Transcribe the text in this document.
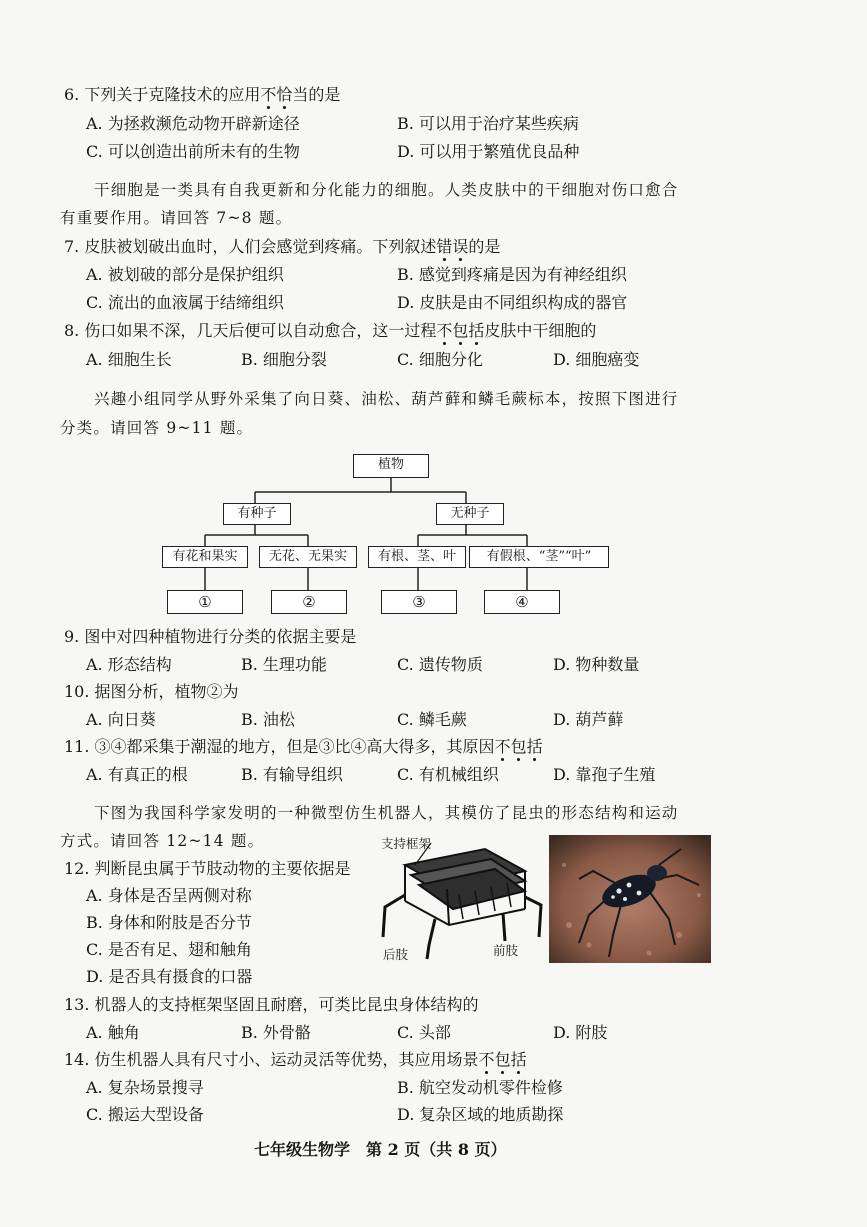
6. 下列关于克隆技术的应用不恰当的是
A. 为拯救濒危动物开辟新途径	B. 可以用于治疗某些疾病
C. 可以创造出前所未有的生物	D. 可以用于繁殖优良品种
干细胞是一类具有自我更新和分化能力的细胞。人类皮肤中的干细胞对伤口愈合
有重要作用。请回答 7~8 题。
7. 皮肤被划破出血时，人们会感觉到疼痛。下列叙述错误的是
A. 被划破的部分是保护组织	B. 感觉到疼痛是因为有神经组织
C. 流出的血液属于结缔组织	D. 皮肤是由不同组织构成的器官
8. 伤口如果不深，几天后便可以自动愈合，这一过程不包括皮肤中干细胞的
A. 细胞生长	B. 细胞分裂	C. 细胞分化	D. 细胞癌变
兴趣小组同学从野外采集了向日葵、油松、葫芦藓和鳞毛蕨标本，按照下图进行
分类。请回答 9~11 题。
植物
有种子	无种子
有花和果实	无花、无果实	有根、茎、叶	有假根、“茎”“叶”
①	②	③	④
9. 图中对四种植物进行分类的依据主要是
A. 形态结构	B. 生理功能	C. 遗传物质	D. 物种数量
10. 据图分析，植物②为
A. 向日葵	B. 油松	C. 鳞毛蕨	D. 葫芦藓
11. ③④都采集于潮湿的地方，但是③比④高大得多，其原因不包括
A. 有真正的根	B. 有输导组织	C. 有机械组织	D. 靠孢子生殖
下图为我国科学家发明的一种微型仿生机器人，其模仿了昆虫的形态结构和运动
方式。请回答 12~14 题。	支持框架
后肢	前肢
12. 判断昆虫属于节肢动物的主要依据是
A. 身体是否呈两侧对称
B. 身体和附肢是否分节
C. 是否有足、翅和触角
D. 是否具有摄食的口器
13. 机器人的支持框架坚固且耐磨，可类比昆虫身体结构的
A. 触角	B. 外骨骼	C. 头部	D. 附肢
14. 仿生机器人具有尺寸小、运动灵活等优势，其应用场景不包括
A. 复杂场景搜寻	B. 航空发动机零件检修
C. 搬运大型设备	D. 复杂区域的地质勘探
七年级生物学　第 2 页（共 8 页）
